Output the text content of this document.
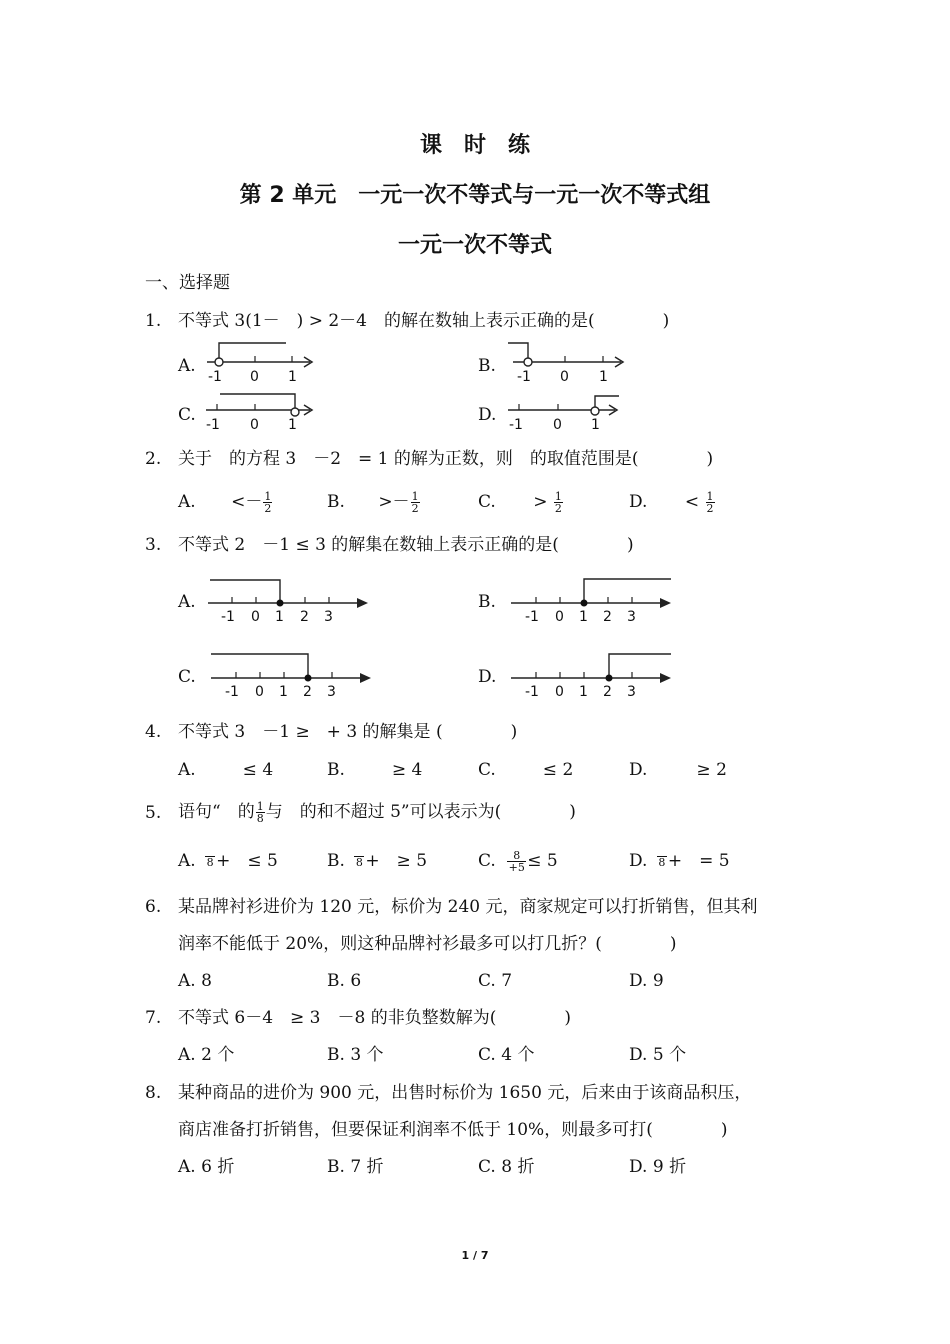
课　时　练
第 2 单元　一元一次不等式与一元一次不等式组
一元一次不等式
一、选择题
1. 不等式 3(1－　) > 2－4　的解在数轴上表示正确的是(　　　　)
A.
-1 0 1
B.
-1 0 1
C. -1 0 1	D. -1 0 1
2. 关于　的方程 3　－2　= 1 的解为正数，则　的取值范围是(　　　　)
A. <－ $\frac{1}{2}$	B. >－ $\frac{1}{2}$	C. > $\frac{1}{2}$	D. < $\frac{1}{2}$
3. 不等式 2　－1 ≤ 3 的解集在数轴上表示正确的是(　　　　)
A.
-1 0 1 2 3
B.
-1 0 1 2 3
C.
-1 0 1 2 3
D.
-1 0 1 2 3
4. 不等式 3　－1 ≥　+ 3 的解集是 (　　　　)
A.　≤ 4	B.　≥ 4	C.　≤ 2	D.　≥ 2
5. 语句“　的 $\frac{1}{8}$ 与　的和不超过 5”可以表示为(　　　　)
A. 8 +　≤ 5	B. 8 +　≥ 5	C. $\frac{8}{+5} \le 5$	D. 8 +　= 5
6. 某品牌衬衫进价为 120 元，标价为 240 元，商家规定可以打折销售，但其利
润率不能低于 20%，则这种品牌衬衫最多可以打几折？(　　　　)
A. 8	B. 6	C. 7	D. 9
7. 不等式 6－4　≥ 3　－8 的非负整数解为(　　　　)
A. 2 个	B. 3 个	C. 4 个	D. 5 个
8. 某种商品的进价为 900 元，出售时标价为 1650 元，后来由于该商品积压，
商店准备打折销售，但要保证利润率不低于 10%，则最多可打(　　　　)
A. 6 折	B. 7 折	C. 8 折	D. 9 折
1 / 7
